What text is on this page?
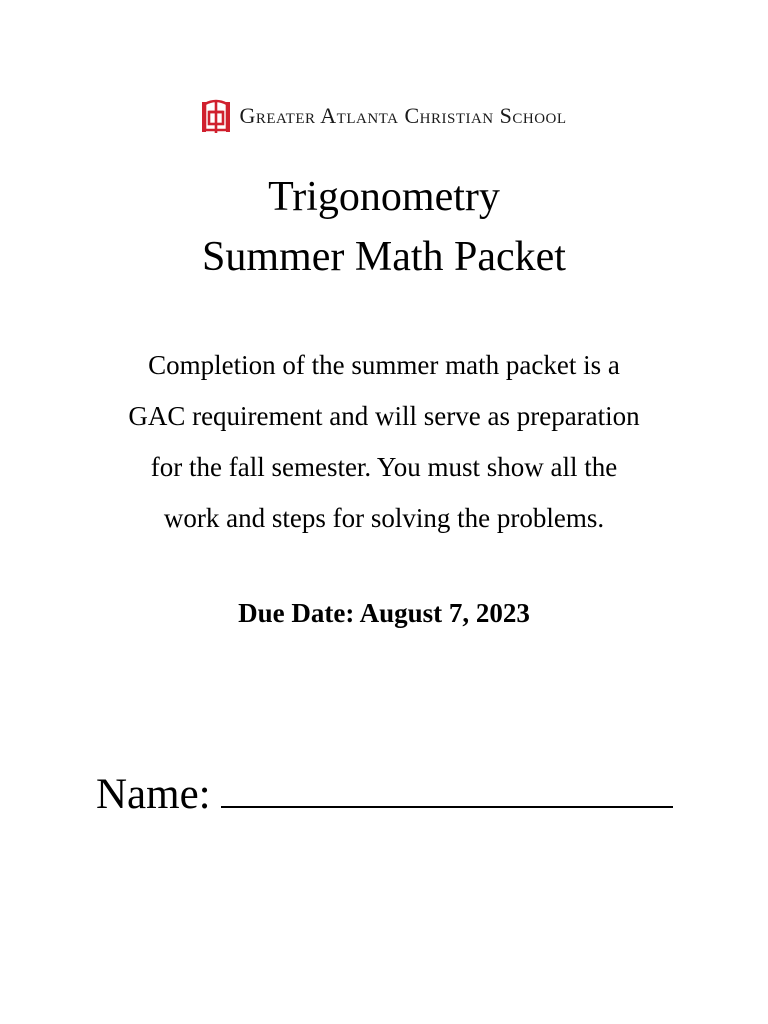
Greater Atlanta Christian School
Trigonometry
Summer Math Packet
Completion of the summer math packet is a
GAC requirement and will serve as preparation
for the fall semester. You must show all the
work and steps for solving the problems.
Due Date: August 7, 2023
Name:
